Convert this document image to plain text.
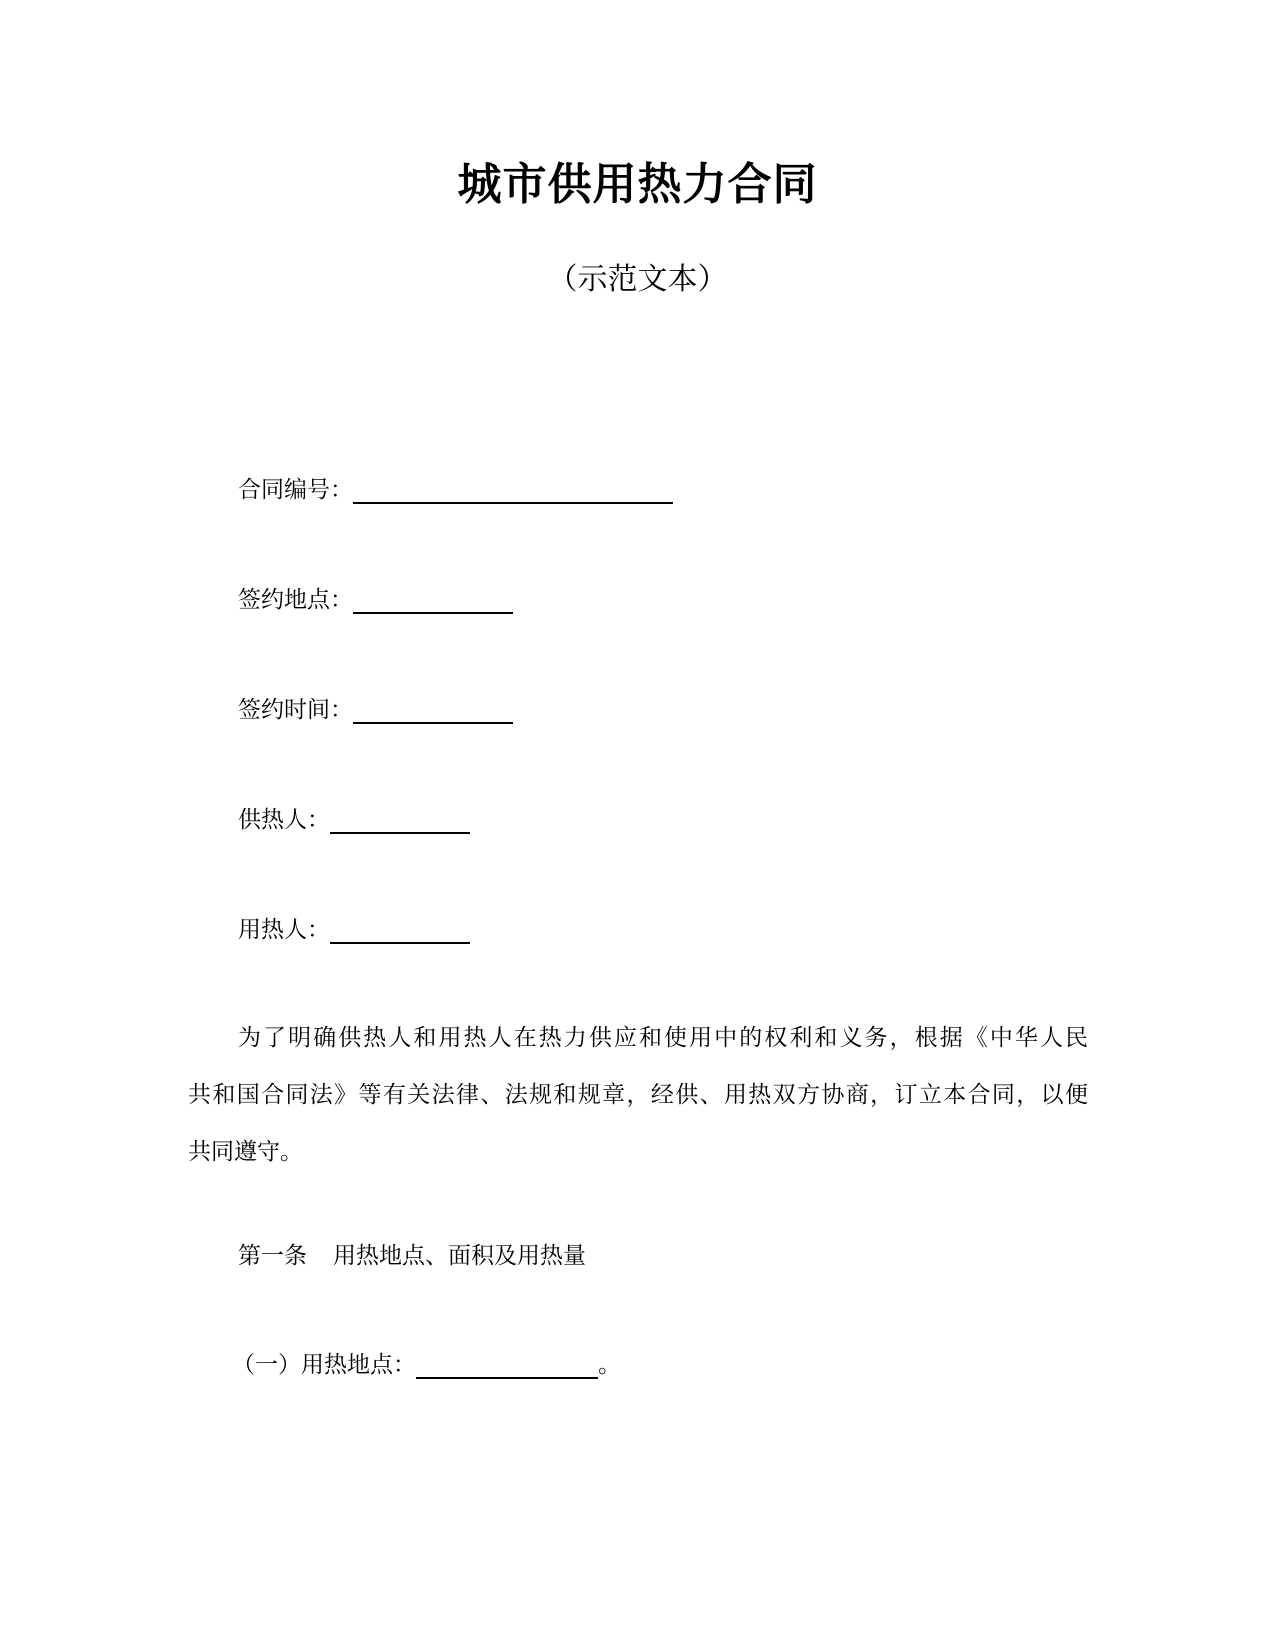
城市供用热力合同
（示范文本）
合同编号：
签约地点：
签约时间：
供热人：
用热人：
为了明确供热人和用热人在热力供应和使用中的权利和义务，根据《中华人民
共和国合同法》等有关法律、法规和规章，经供、用热双方协商，订立本合同，以便
共同遵守。
第一条 用热地点、面积及用热量
（一）用热地点：	。
